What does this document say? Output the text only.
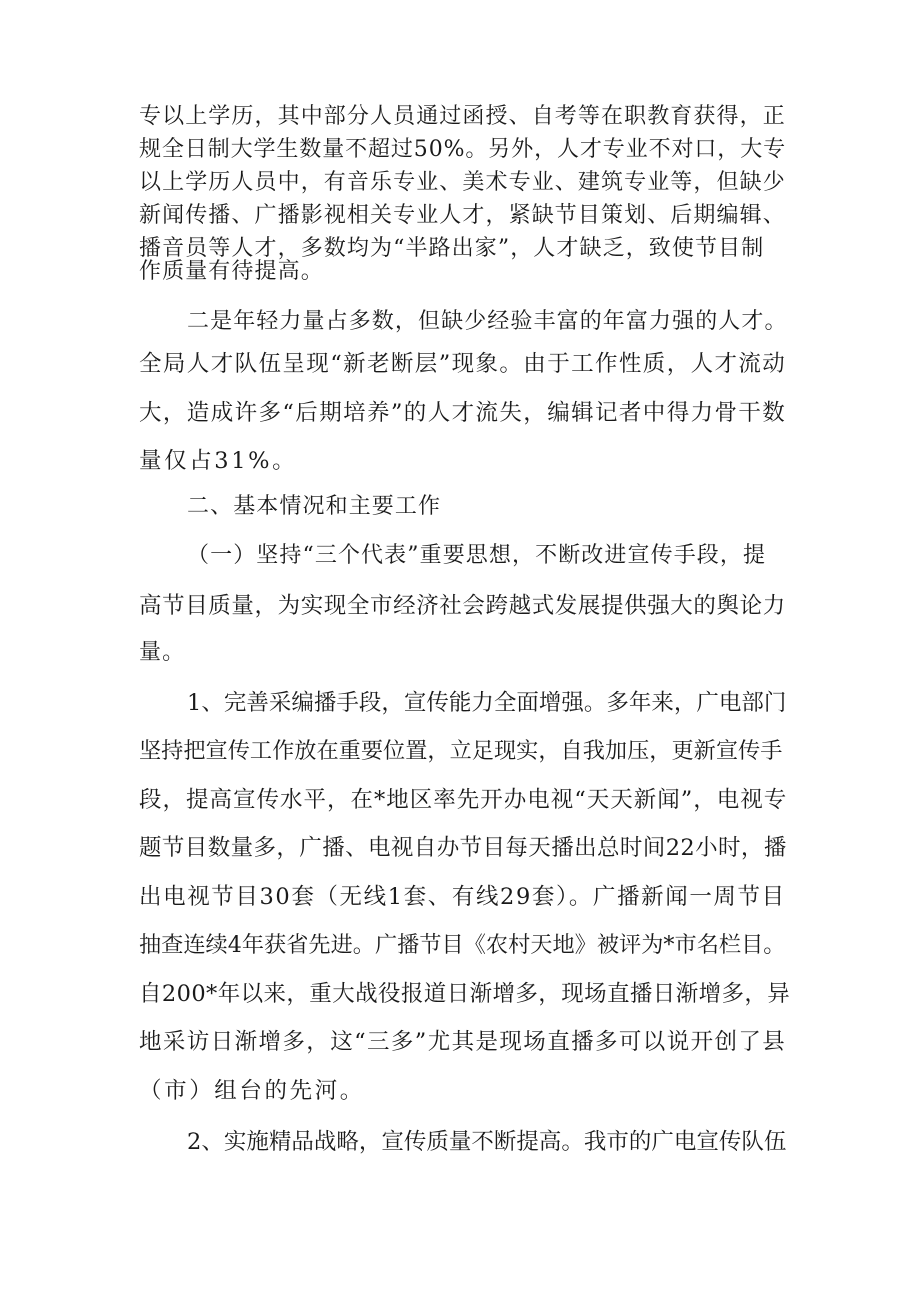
专以上学历，其中部分人员通过函授、自考等在职教育获得，正
规全日制大学生数量不超过50%。另外，人才专业不对口，大专
以上学历人员中，有音乐专业、美术专业、建筑专业等，但缺少
新闻传播、广播影视相关专业人才，紧缺节目策划、后期编辑、
播音员等人才，多数均为“半路出家”，人才缺乏，致使节目制
作质量有待提高。
二是年轻力量占多数，但缺少经验丰富的年富力强的人才。
全局人才队伍呈现“新老断层”现象。由于工作性质，人才流动
大，造成许多“后期培养”的人才流失，编辑记者中得力骨干数
量仅占31%。
二、基本情况和主要工作
（一）坚持“三个代表”重要思想，不断改进宣传手段，提
高节目质量，为实现全市经济社会跨越式发展提供强大的舆论力
量。
1、完善采编播手段，宣传能力全面增强。多年来，广电部门
坚持把宣传工作放在重要位置，立足现实，自我加压，更新宣传手
段，提高宣传水平，在*地区率先开办电视“天天新闻”，电视专
题节目数量多，广播、电视自办节目每天播出总时间22小时，播
出电视节目30套（无线1套、有线29套）。广播新闻一周节目
抽查连续4年获省先进。广播节目《农村天地》被评为*市名栏目。
自200*年以来，重大战役报道日渐增多，现场直播日渐增多，异
地采访日渐增多，这“三多”尤其是现场直播多可以说开创了县
（市）组台的先河。
2、实施精品战略，宣传质量不断提高。我市的广电宣传队伍
